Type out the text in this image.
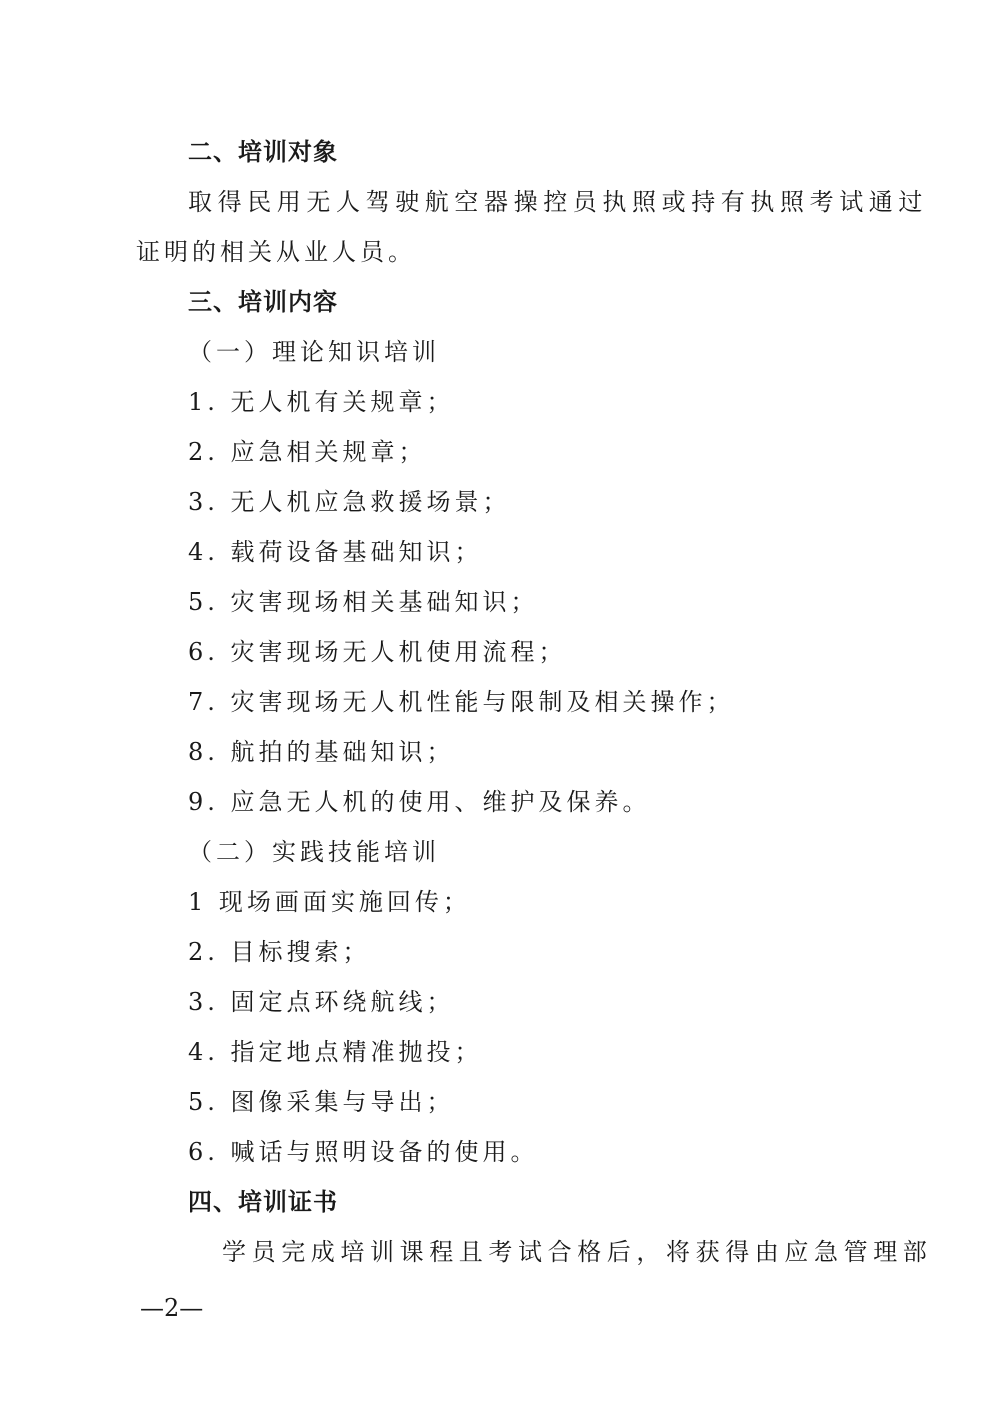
二、培训对象
取得民用无人驾驶航空器操控员执照或持有执照考试通过
证明的相关从业人员。
三、培训内容
（一）理论知识培训
1. 无人机有关规章；
2. 应急相关规章；
3. 无人机应急救援场景；
4. 载荷设备基础知识；
5. 灾害现场相关基础知识；
6. 灾害现场无人机使用流程；
7. 灾害现场无人机性能与限制及相关操作；
8. 航拍的基础知识；
9. 应急无人机的使用、维护及保养。
（二）实践技能培训
1 现场画面实施回传；
2. 目标搜索；
3. 固定点环绕航线；
4. 指定地点精准抛投；
5. 图像采集与导出；
6. 喊话与照明设备的使用。
四、培训证书
学员完成培训课程且考试合格后，将获得由应急管理部
—2—
